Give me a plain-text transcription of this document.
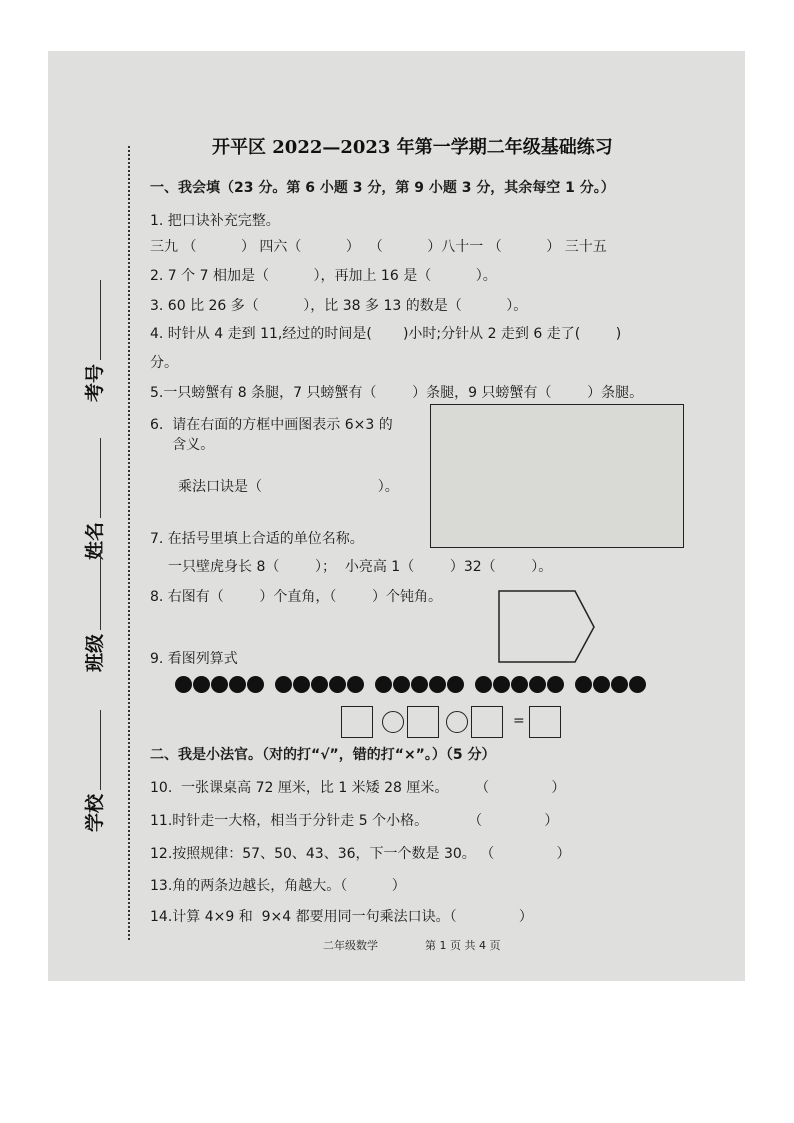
考号
姓名
班级
学校
开平区 2022—2023 年第一学期二年级基础练习
一、我会填（23 分。第 6 小题 3 分，第 9 小题 3 分，其余每空 1 分。）
1. 把口诀补充完整。
三九 （          ） 四六（          ）  （          ）八十一 （          ） 三十五
2. 7 个 7 相加是（          ），再加上 16 是（          ）。
3. 60 比 26 多（          ），比 38 多 13 的数是（          ）。
4. 时针从 4 走到 11,经过的时间是(       )小时;分针从 2 走到 6 走了(        )
分。
5.一只螃蟹有 8 条腿，7 只螃蟹有（        ）条腿，9 只螃蟹有（        ）条腿。
6.  请在右面的方框中画图表示 6×3 的
含义。
乘法口诀是（                          ）。
7. 在括号里填上合适的单位名称。
一只壁虎身长 8（        ）；  小亮高 1（        ）32（        ）。
8. 右图有（        ）个直角，（        ）个钝角。
9. 看图列算式
=
二、我是小法官。（对的打“√”，错的打“×”。）（5 分）
10.  一张课桌高 72 厘米，比 1 米矮 28 厘米。      （              ）
11.时针走一大格，相当于分针走 5 个小格。         （              ）
12.按照规律：57、50、43、36，下一个数是 30。 （              ）
13.角的两条边越长，角越大。（          ）
14.计算 4×9 和  9×4 都要用同一句乘法口诀。（              ）
二年级数学	第 1 页 共 4 页
